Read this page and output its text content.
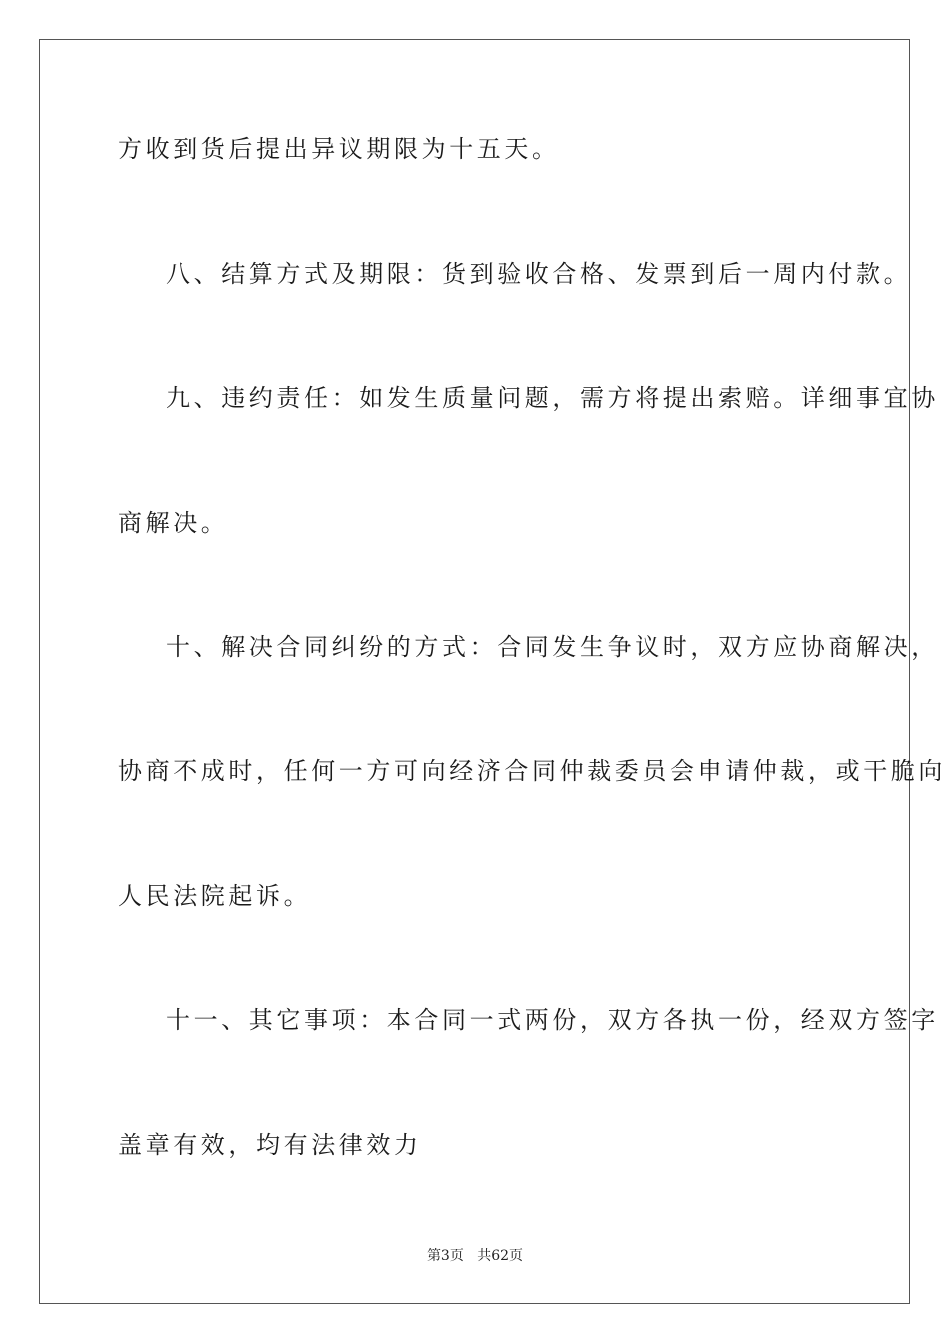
方收到货后提出异议期限为十五天。
八、结算方式及期限：货到验收合格、发票到后一周内付款。
九、违约责任：如发生质量问题，需方将提出索赔。详细事宜协
商解决。
十、解决合同纠纷的方式：合同发生争议时，双方应协商解决，
协商不成时，任何一方可向经济合同仲裁委员会申请仲裁，或干脆向
人民法院起诉。
十一、其它事项：本合同一式两份，双方各执一份，经双方签字
盖章有效，均有法律效力
第3页 共62页
